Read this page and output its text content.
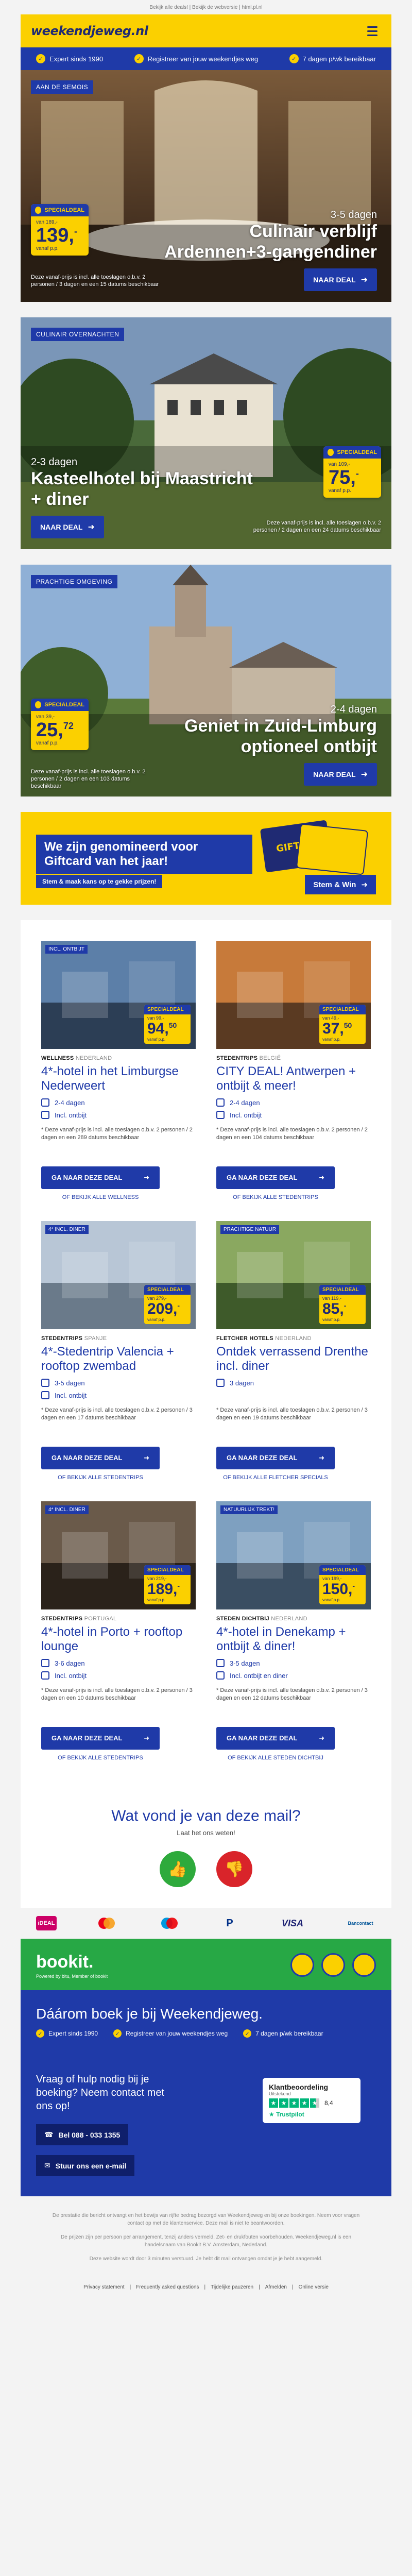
Bekijk alle deals! | Bekijk de webversie | html.pl.nl
weekendjeweg.nl
✓ Expert sinds 1990	✓ Registreer van jouw weekendjes weg	✓ 7 dagen p/wk bereikbaar
AAN DE SEMOIS
SPECIALDEAL
van 189,-
139,-
vanaf p.p.
3-5 dagen
Culinair verblijf Ardennen+3-gangendiner
Deze vanaf-prijs is incl. alle toeslagen o.b.v. 2 personen / 3 dagen en een 15 datums beschikbaar
NAAR DEAL ➜
CULINAIR OVERNACHTEN
2-3 dagen
Kasteelhotel bij Maastricht + diner
SPECIALDEAL
van 109,-
75,-
vanaf p.p.
NAAR DEAL ➜	Deze vanaf-prijs is incl. alle toeslagen o.b.v. 2 personen / 2 dagen en een 24 datums beschikbaar
PRACHTIGE OMGEVING
SPECIALDEAL
van 39,-
25,72
vanaf p.p.
2-4 dagen
Geniet in Zuid-Limburg optioneel ontbijt
Deze vanaf-prijs is incl. alle toeslagen o.b.v. 2 personen / 2 dagen en een 103 datums beschikbaar
NAAR DEAL ➜
GIFT CARD
We zijn genomineerd voor Giftcard van het jaar!
Stem & maak kans op te gekke prijzen!	Stem & Win ➜
INCL. ONTBIJT
SPECIALDEAL
van 99,-
94,50
vanaf p.p.
WELLNESS NEDERLAND
4*-hotel in het Limburgse Nederweert
2-4 dagen
Incl. ontbijt
* Deze vanaf-prijs is incl. alle toeslagen o.b.v. 2 personen / 2 dagen en een 289 datums beschikbaar
GA NAAR DEZE DEAL	➜
OF BEKIJK ALLE WELLNESS
SPECIALDEAL
van 49,-
37,50
vanaf p.p.
STEDENTRIPS BELGIË
CITY DEAL! Antwerpen + ontbijt & meer!
2-4 dagen
Incl. ontbijt
* Deze vanaf-prijs is incl. alle toeslagen o.b.v. 2 personen / 2 dagen en een 104 datums beschikbaar
GA NAAR DEZE DEAL	➜
OF BEKIJK ALLE STEDENTRIPS
4* INCL. DINER
SPECIALDEAL
van 279,-
209,-
vanaf p.p.
STEDENTRIPS SPANJE
4*-Stedentrip Valencia + rooftop zwembad
3-5 dagen
Incl. ontbijt
* Deze vanaf-prijs is incl. alle toeslagen o.b.v. 2 personen / 3 dagen en een 17 datums beschikbaar
GA NAAR DEZE DEAL	➜
OF BEKIJK ALLE STEDENTRIPS
PRACHTIGE NATUUR
SPECIALDEAL
van 119,-
85,-
vanaf p.p.
FLETCHER HOTELS NEDERLAND
Ontdek verrassend Drenthe incl. diner
3 dagen
* Deze vanaf-prijs is incl. alle toeslagen o.b.v. 2 personen / 3 dagen en een 19 datums beschikbaar
GA NAAR DEZE DEAL	➜
OF BEKIJK ALLE FLETCHER SPECIALS
4* INCL. DINER
SPECIALDEAL
van 219,-
189,-
vanaf p.p.
STEDENTRIPS PORTUGAL
4*-hotel in Porto + rooftop lounge
3-6 dagen
Incl. ontbijt
* Deze vanaf-prijs is incl. alle toeslagen o.b.v. 2 personen / 3 dagen en een 10 datums beschikbaar
GA NAAR DEZE DEAL	➜
OF BEKIJK ALLE STEDENTRIPS
NATUURLIJK TREKT!
SPECIALDEAL
van 199,-
150,-
vanaf p.p.
STEDEN DICHTBIJ NEDERLAND
4*-hotel in Denekamp + ontbijt & diner!
3-5 dagen
Incl. ontbijt en diner
* Deze vanaf-prijs is incl. alle toeslagen o.b.v. 2 personen / 3 dagen en een 12 datums beschikbaar
GA NAAR DEZE DEAL	➜
OF BEKIJK ALLE STEDEN DICHTBIJ
Wat vond je van deze mail?
Laat het ons weten!
👍	👎
iDEAL	P	VISA	Bancontact
bookit.
Powered by bitu, Member of bookit
Dáárom boek je bij Weekendjeweg.
✓ Expert sinds 1990	✓ Registreer van jouw weekendjes weg	✓ 7 dagen p/wk bereikbaar
Vraag of hulp nodig bij je boeking? Neem contact met ons op!
☎ Bel 088 - 033 1355
✉ Stuur ons een e-mail
Klantbeoordeling
Uitstekend
★ ★ ★ ★ ★	8,4
★ Trustpilot

De prestatie die bericht ontvangt en het bewijs van rijfte bedrag bezorgd van Weekendjeweg en bij onze boekingen. Neem voor vragen contact op met de klantenservice. Deze mail is niet te beantwoorden.

De prijzen zijn per persoon per arrangement, tenzij anders vermeld. Zet- en drukfouten voorbehouden. Weekendjeweg.nl is een handelsnaam van Bookit B.V. Amsterdam, Nederland.

Deze website wordt door 3 minuten verstuurd. Je hebt dit mail ontvangen omdat je je hebt aangemeld.

Privacy statement | Frequently asked questions | Tijdelijke pauzeren | Afmelden | Online versie
